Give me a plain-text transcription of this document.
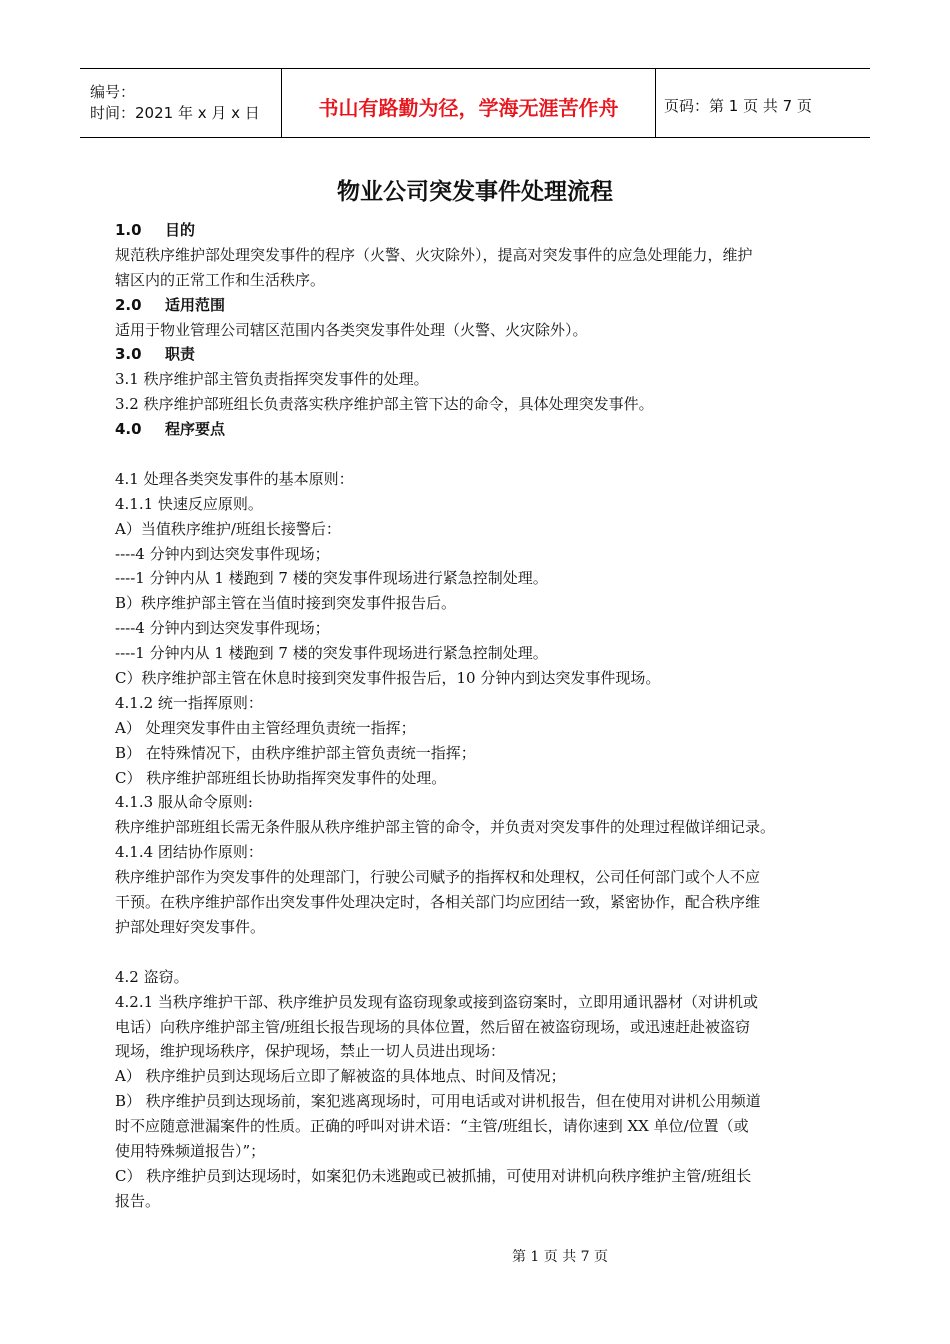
编号：
时间：2021 年 x 月 x 日	书山有路勤为径，学海无涯苦作舟	页码：第 1 页 共 7 页
物业公司突发事件处理流程
1.0 目的
规范秩序维护部处理突发事件的程序（火警、火灾除外），提高对突发事件的应急处理能力，维护
辖区内的正常工作和生活秩序。
2.0 适用范围
适用于物业管理公司辖区范围内各类突发事件处理（火警、火灾除外）。
3.0 职责
3.1 秩序维护部主管负责指挥突发事件的处理。
3.2 秩序维护部班组长负责落实秩序维护部主管下达的命令，具体处理突发事件。
4.0 程序要点
4.1 处理各类突发事件的基本原则：
4.1.1 快速反应原则。
A）当值秩序维护/班组长接警后：
----4 分钟内到达突发事件现场；
----1 分钟内从 1 楼跑到 7 楼的突发事件现场进行紧急控制处理。
B）秩序维护部主管在当值时接到突发事件报告后。
----4 分钟内到达突发事件现场；
----1 分钟内从 1 楼跑到 7 楼的突发事件现场进行紧急控制处理。
C）秩序维护部主管在休息时接到突发事件报告后，10 分钟内到达突发事件现场。
4.1.2 统一指挥原则：
A） 处理突发事件由主管经理负责统一指挥；
B） 在特殊情况下，由秩序维护部主管负责统一指挥；
C） 秩序维护部班组长协助指挥突发事件的处理。
4.1.3 服从命令原则:
秩序维护部班组长需无条件服从秩序维护部主管的命令，并负责对突发事件的处理过程做详细记录。
4.1.4 团结协作原则：
秩序维护部作为突发事件的处理部门，行驶公司赋予的指挥权和处理权，公司任何部门或个人不应
干预。在秩序维护部作出突发事件处理决定时，各相关部门均应团结一致，紧密协作，配合秩序维
护部处理好突发事件。
4.2 盗窃。
4.2.1 当秩序维护干部、秩序维护员发现有盗窃现象或接到盗窃案时，立即用通讯器材（对讲机或
电话）向秩序维护部主管/班组长报告现场的具体位置，然后留在被盗窃现场，或迅速赶赴被盗窃
现场，维护现场秩序，保护现场，禁止一切人员进出现场：
A） 秩序维护员到达现场后立即了解被盗的具体地点、时间及情况；
B） 秩序维护员到达现场前，案犯逃离现场时，可用电话或对讲机报告，但在使用对讲机公用频道
时不应随意泄漏案件的性质。正确的呼叫对讲术语：“主管/班组长，请你速到 XX 单位/位置（或
使用特殊频道报告）”；
C） 秩序维护员到达现场时，如案犯仍未逃跑或已被抓捕，可使用对讲机向秩序维护主管/班组长
报告。
第 1 页 共 7 页
